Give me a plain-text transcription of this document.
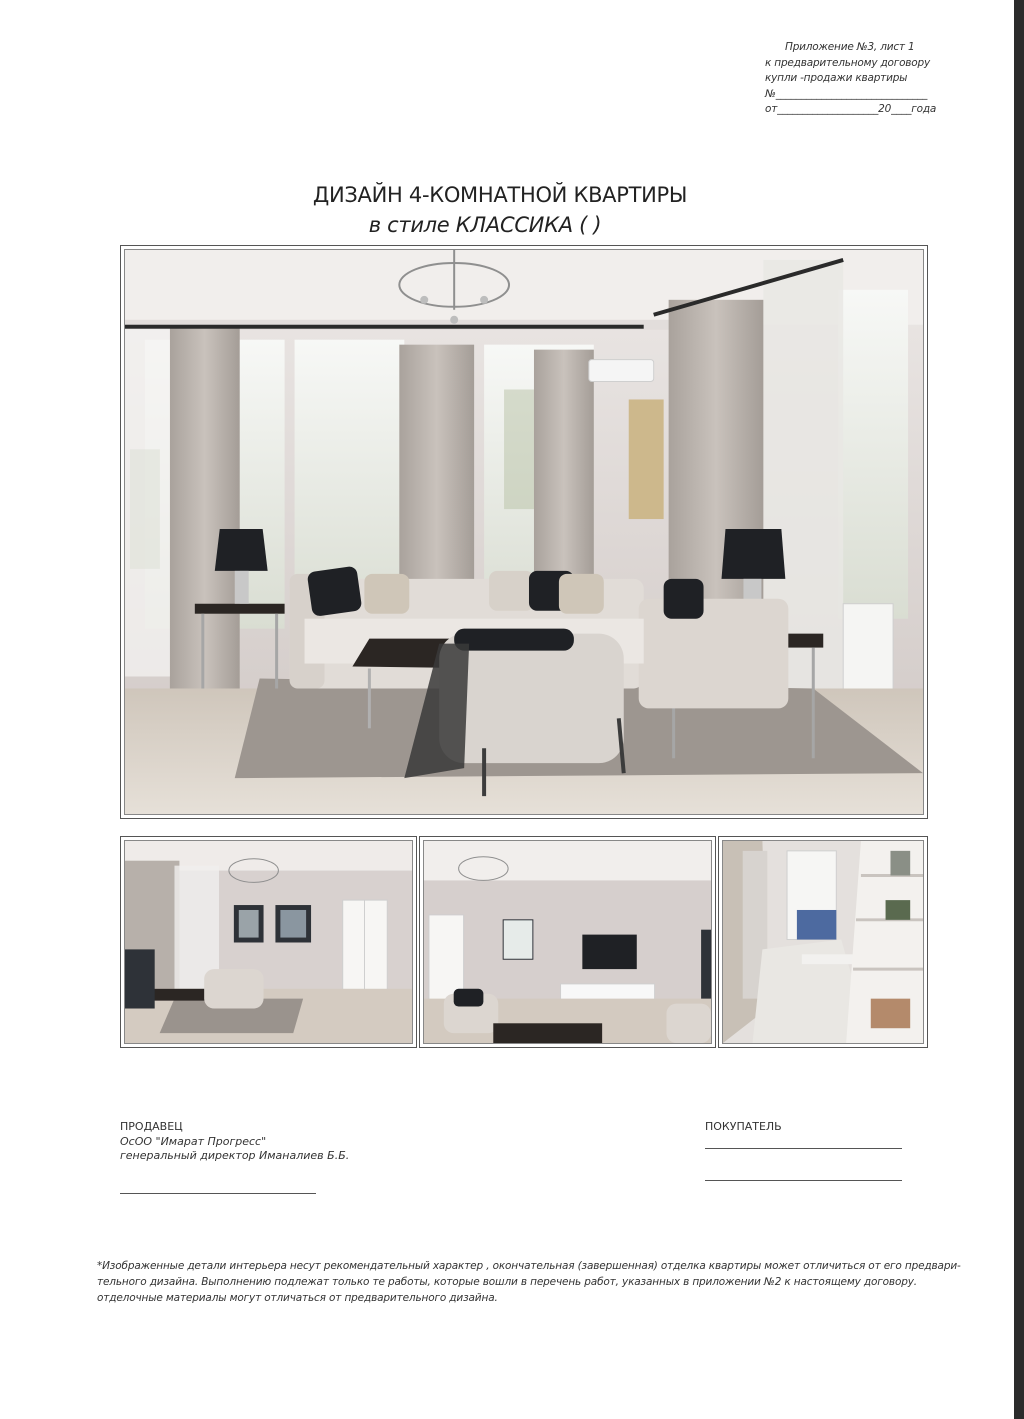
Приложение №3, лист 1
к предварительному договору
купли -продажи квартиры
№______________________________
от____________________20____года
ДИЗАЙН 4-КОМНАТНОЙ КВАРТИРЫ
в стиле КЛАССИКА ( )
ПРОДАВЕЦ
ОсОО "Имарат Прогресс"
генеральный директор Иманалиев Б.Б.
ПОКУПАТЕЛЬ
*Изображенные детали интерьера несут рекомендательный характер , окончательная (завершенная) отделка квартиры может отличиться от его предвари-
тельного дизайна. Выполнению подлежат только те работы, которые вошли в перечень работ, указанных в приложении №2 к настоящему договору.
отделочные материалы могут отличаться от предварительного дизайна.
